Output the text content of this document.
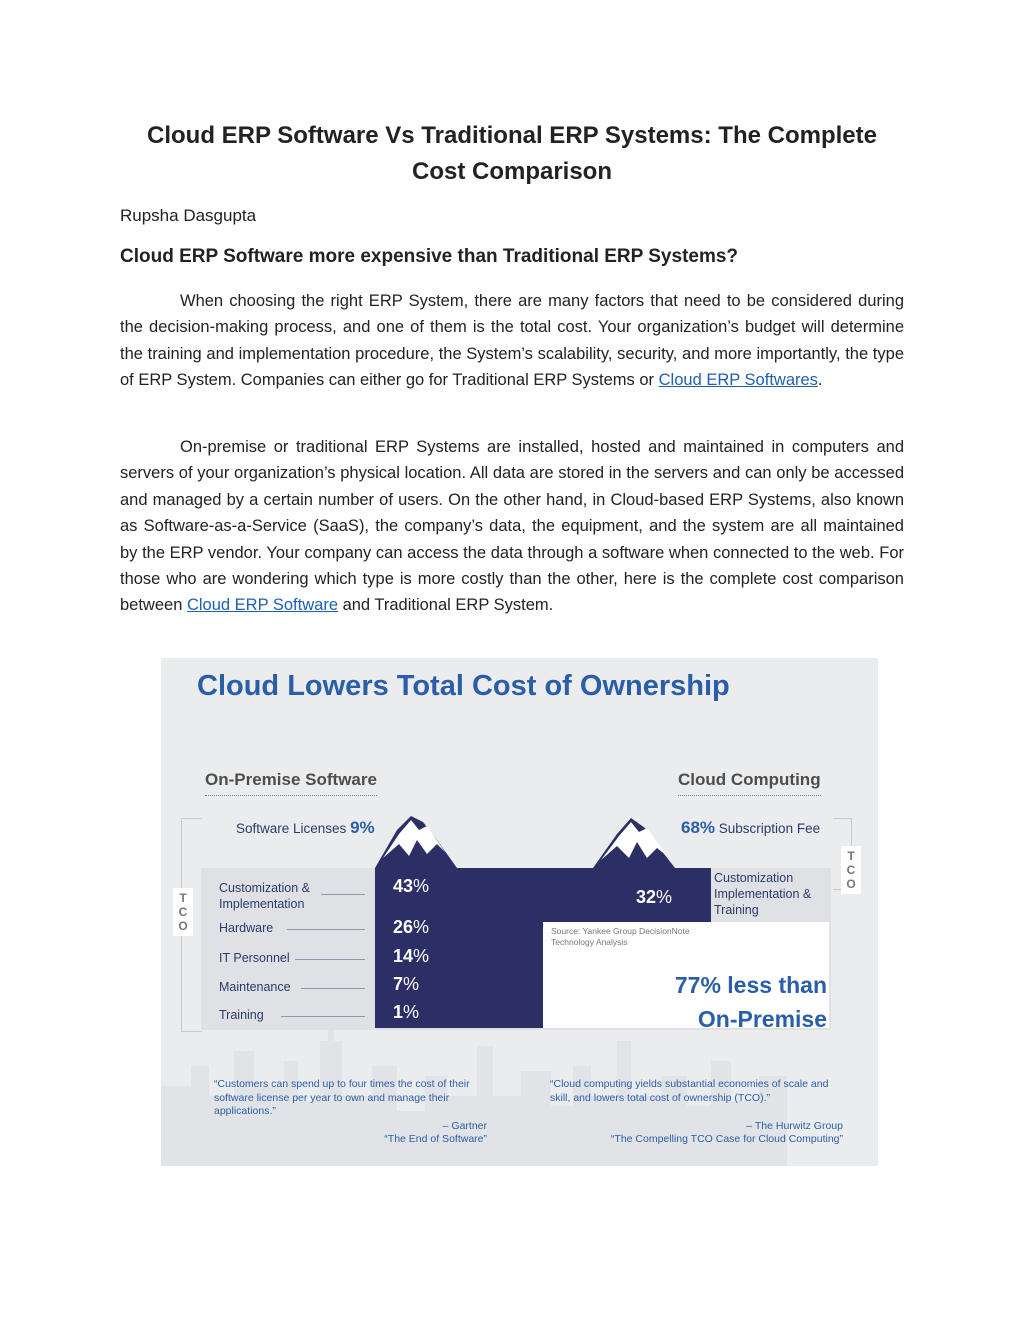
Cloud ERP Software Vs Traditional ERP Systems: The Complete Cost Comparison
Rupsha Dasgupta
Cloud ERP Software more expensive than Traditional ERP Systems?

When choosing the right ERP System, there are many factors that need to be considered during the decision-making process, and one of them is the total cost. Your organization’s budget will determine the training and implementation procedure, the System’s scalability, security, and more importantly, the type of ERP System. Companies can either go for Traditional ERP Systems or Cloud ERP Softwares.

On-premise or traditional ERP Systems are installed, hosted and maintained in computers and servers of your organization’s physical location. All data are stored in the servers and can only be accessed and managed by a certain number of users. On the other hand, in Cloud-based ERP Systems, also known as Software-as-a-Service (SaaS), the company’s data, the equipment, and the system are all maintained by the ERP vendor. Your company can access the data through a software when connected to the web. For those who are wondering which type is more costly than the other, here is the complete cost comparison between Cloud ERP Software and Traditional ERP System.

Cloud Lowers Total Cost of Ownership
On-Premise Software	Cloud Computing
T
C
O
T
C
O
Software Licenses 9%	68% Subscription Fee
Customization & Implementation
43%
Hardware	26%
IT Personnel	14%
Maintenance	7%
Training	1%
32%
Customization Implementation & Training
Source: Yankee Group DecisionNote Technology Analysis
77% less than
On-Premise
“Customers can spend up to four times the cost of their software license per year to own and manage their applications.”
– Gartner
“The End of Software”
“Cloud computing yields substantial economies of scale and skill, and lowers total cost of ownership (TCO).”
– The Hurwitz Group
“The Compelling TCO Case for Cloud Computing”
